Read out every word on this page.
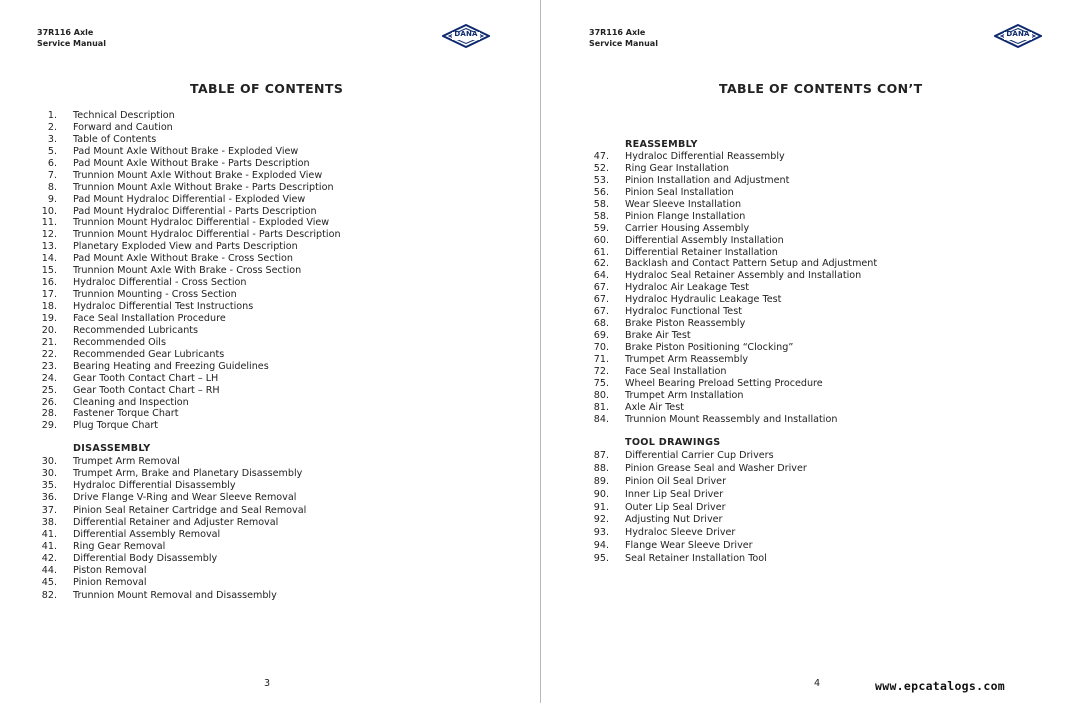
37R116 Axle
Service Manual
DANA
TABLE OF CONTENTS
1. Technical Description
2. Forward and Caution
3. Table of Contents
5. Pad Mount Axle Without Brake - Exploded View
6. Pad Mount Axle Without Brake - Parts Description
7. Trunnion Mount Axle Without Brake - Exploded View
8. Trunnion Mount Axle Without Brake - Parts Description
9. Pad Mount Hydraloc Differential - Exploded View
10. Pad Mount Hydraloc Differential - Parts Description
11. Trunnion Mount Hydraloc Differential - Exploded View
12. Trunnion Mount Hydraloc Differential - Parts Description
13. Planetary Exploded View and Parts Description
14. Pad Mount Axle Without Brake - Cross Section
15. Trunnion Mount Axle With Brake - Cross Section
16. Hydraloc Differential - Cross Section
17. Trunnion Mounting - Cross Section
18. Hydraloc Differential Test Instructions
19. Face Seal Installation Procedure
20. Recommended Lubricants
21. Recommended Oils
22. Recommended Gear Lubricants
23. Bearing Heating and Freezing Guidelines
24. Gear Tooth Contact Chart – LH
25. Gear Tooth Contact Chart – RH
26. Cleaning and Inspection
28. Fastener Torque Chart
29. Plug Torque Chart
DISASSEMBLY
30. Trumpet Arm Removal
30. Trumpet Arm, Brake and Planetary Disassembly
35. Hydraloc Differential Disassembly
36. Drive Flange V-Ring and Wear Sleeve Removal
37. Pinion Seal Retainer Cartridge and Seal Removal
38. Differential Retainer and Adjuster Removal
41. Differential Assembly Removal
41. Ring Gear Removal
42. Differential Body Disassembly
44. Piston Removal
45. Pinion Removal
82. Trunnion Mount Removal and Disassembly
3
37R116 Axle
Service Manual
DANA
TABLE OF CONTENTS CON’T
REASSEMBLY
47. Hydraloc Differential Reassembly
52. Ring Gear Installation
53. Pinion Installation and Adjustment
56. Pinion Seal Installation
58. Wear Sleeve Installation
58. Pinion Flange Installation
59. Carrier Housing Assembly
60. Differential Assembly Installation
61. Differential Retainer Installation
62. Backlash and Contact Pattern Setup and Adjustment
64. Hydraloc Seal Retainer Assembly and Installation
67. Hydraloc Air Leakage Test
67. Hydraloc Hydraulic Leakage Test
67. Hydraloc Functional Test
68. Brake Piston Reassembly
69. Brake Air Test
70. Brake Piston Positioning “Clocking”
71. Trumpet Arm Reassembly
72. Face Seal Installation
75. Wheel Bearing Preload Setting Procedure
80. Trumpet Arm Installation
81. Axle Air Test
84. Trunnion Mount Reassembly and Installation
TOOL DRAWINGS
87. Differential Carrier Cup Drivers
88. Pinion Grease Seal and Washer Driver
89. Pinion Oil Seal Driver
90. Inner Lip Seal Driver
91. Outer Lip Seal Driver
92. Adjusting Nut Driver
93. Hydraloc Sleeve Driver
94. Flange Wear Sleeve Driver
95. Seal Retainer Installation Tool
4	www.epcatalogs.com
